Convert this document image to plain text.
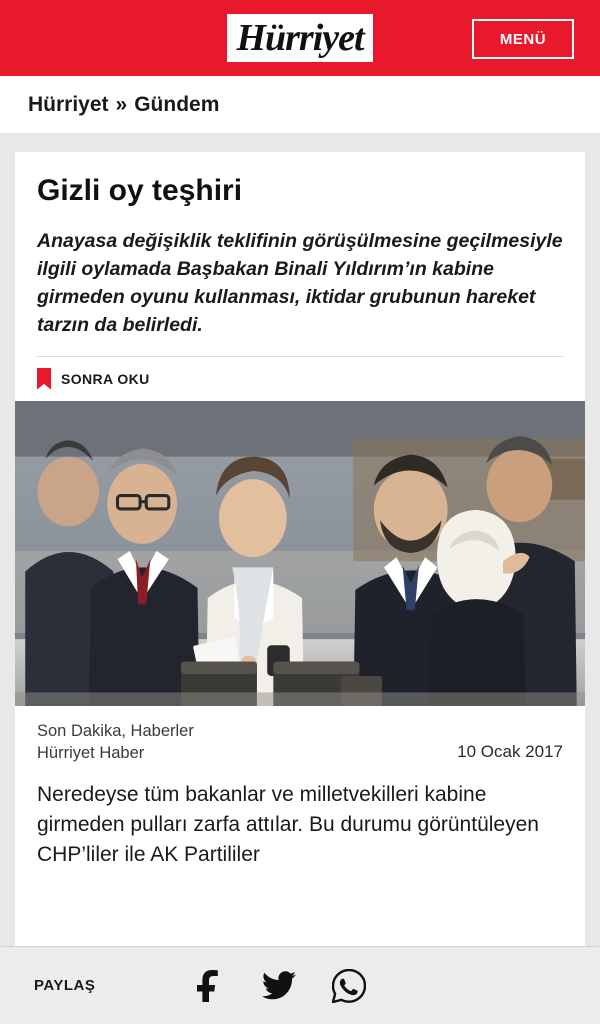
Hürriyet	MENÜ
Hürriyet » Gündem
Gizli oy teşhiri

Anayasa değişiklik teklifinin görüşülmesine geçilmesiyle ilgili oylamada Başbakan Binali Yıldırım’ın kabine girmeden oyunu kullanması, iktidar grubunun hareket tarzın da belirledi.

SONRA OKU
Son Dakika, Haberler
Hürriyet Haber	10 Ocak 2017
Neredeyse tüm bakanlar ve milletvekilleri kabine girmeden pulları zarfa attılar. Bu durumu görüntüleyen CHP’liler ile AK Partililer
PAYLAŞ
